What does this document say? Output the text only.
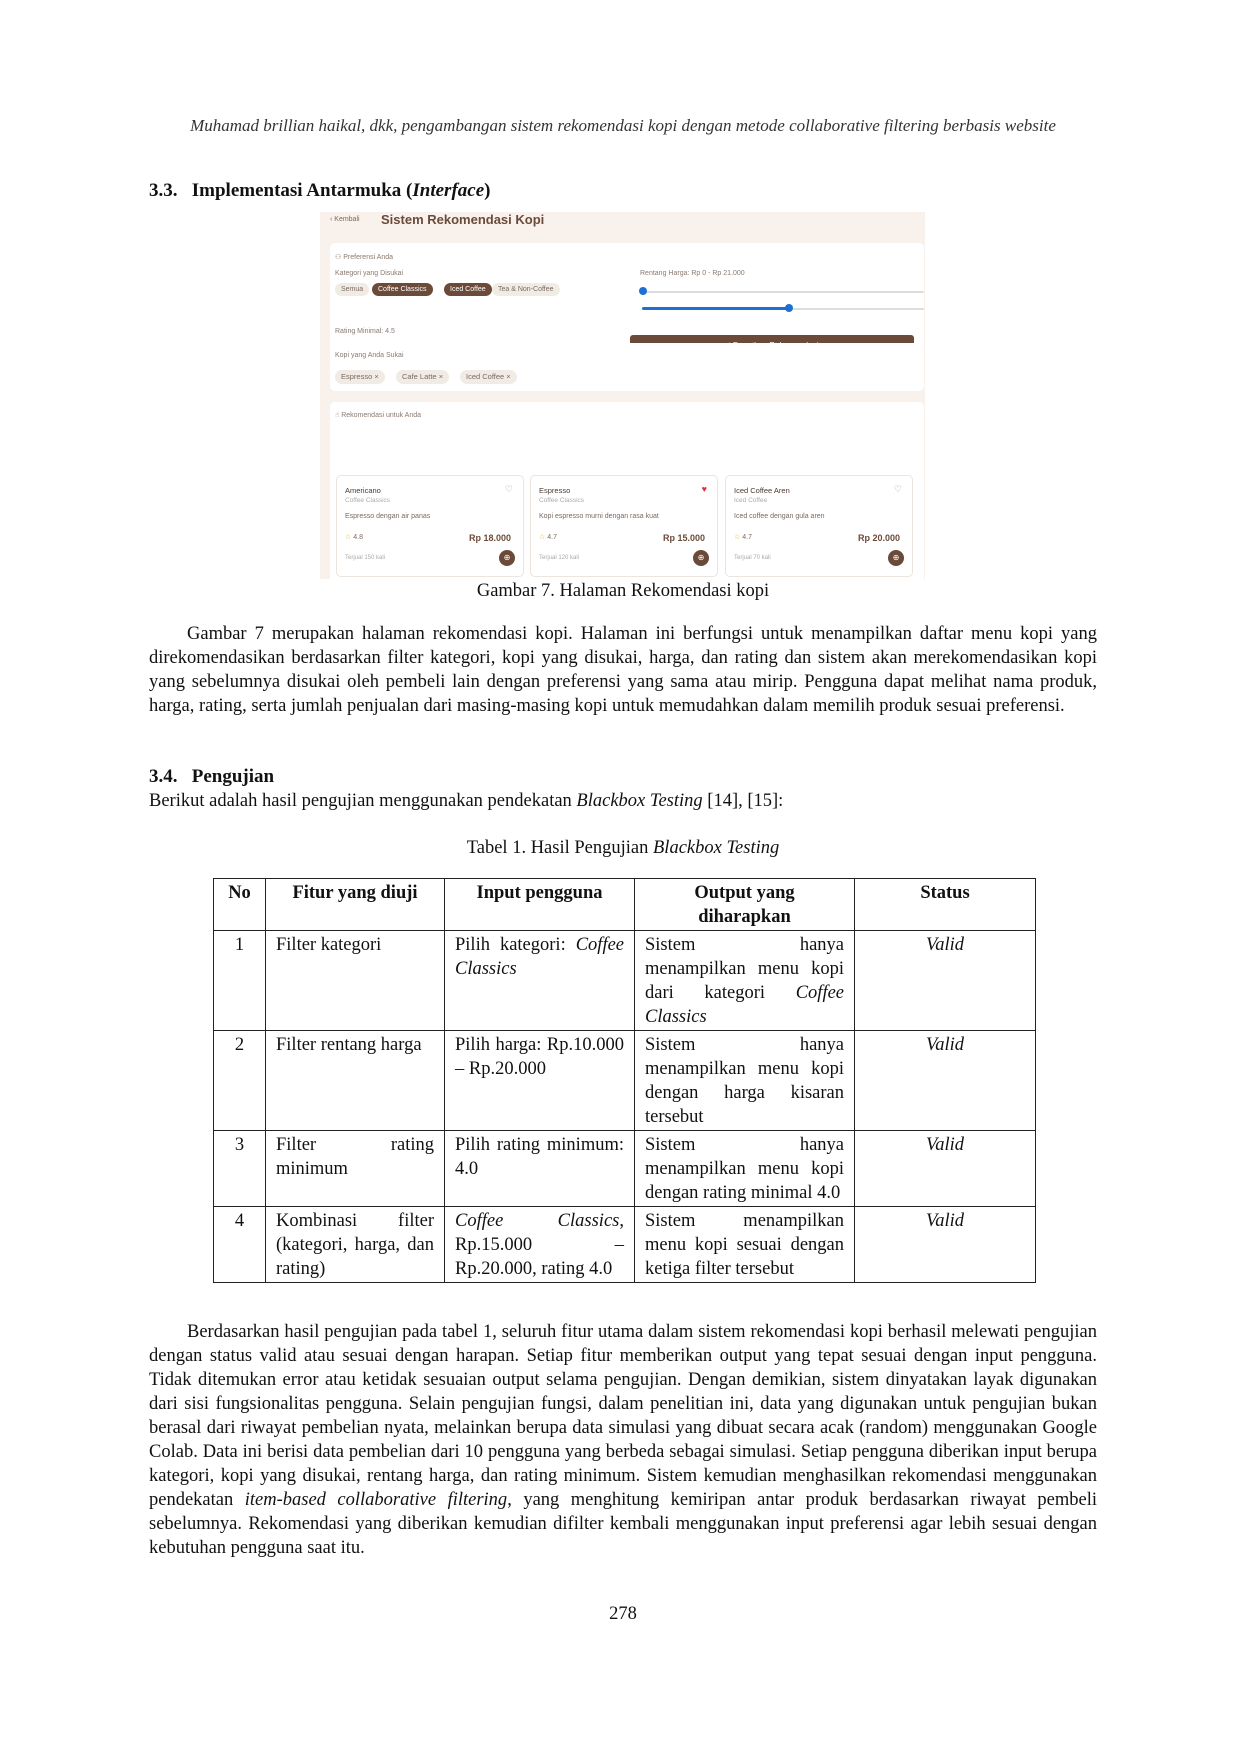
Muhamad brillian haikal, dkk, pengambangan sistem rekomendasi kopi dengan metode collaborative filtering berbasis website
3.3. Implementasi Antarmuka (Interface)
‹ Kembali Sistem Rekomendasi Kopi
⚇ Preferensi Anda
Kategori yang Disukai
Semua	Coffee Classics	Iced Coffee	Tea & Non-Coffee
Rentang Harga: Rp 0 - Rp 21.000
Rating Minimal: 4.5
Kopi yang Anda Sukai
Espresso ×	Cafe Latte ×	Iced Coffee ×
☝ Rekomendasi untuk Anda
Americano
Coffee Classics
♡
Espresso dengan air panas
☆ 4.8	Rp 18.000
Terjual 150 kali	⊕
Espresso
Coffee Classics
♥
Kopi espresso murni dengan rasa kuat
☆ 4.7	Rp 15.000
Terjual 120 kali	⊕
Iced Coffee Aren
Iced Coffee
♡
Iced coffee dengan gula aren
☆ 4.7	Rp 20.000
Terjual 70 kali	⊕
Gambar 7. Halaman Rekomendasi kopi
Gambar 7 merupakan halaman rekomendasi kopi. Halaman ini berfungsi untuk menampilkan daftar menu kopi yang direkomendasikan berdasarkan filter kategori, kopi yang disukai, harga, dan rating dan sistem akan merekomendasikan kopi yang sebelumnya disukai oleh pembeli lain dengan preferensi yang sama atau mirip. Pengguna dapat melihat nama produk, harga, rating, serta jumlah penjualan dari masing-masing kopi untuk memudahkan dalam memilih produk sesuai preferensi.
3.4. Pengujian
Berikut adalah hasil pengujian menggunakan pendekatan Blackbox Testing [14], [15]:
Tabel 1. Hasil Pengujian Blackbox Testing
No	Fitur yang diuji	Input pengguna	Output yang diharapkan	Status
1	Filter kategori	Pilih kategori: Coffee Classics	Sistem hanya menampilkan menu kopi dari kategori Coffee Classics	Valid
2	Filter rentang harga	Pilih harga: Rp.10.000 – Rp.20.000	Sistem hanya menampilkan menu kopi dengan harga kisaran tersebut	Valid
3	Filter rating minimum	Pilih rating minimum: 4.0	Sistem hanya menampilkan menu kopi dengan rating minimal 4.0	Valid
4	Kombinasi filter (kategori, harga, dan rating)	Coffee Classics, Rp.15.000 – Rp.20.000, rating 4.0	Sistem menampilkan menu kopi sesuai dengan ketiga filter tersebut	Valid
Berdasarkan hasil pengujian pada tabel 1, seluruh fitur utama dalam sistem rekomendasi kopi berhasil melewati pengujian dengan status valid atau sesuai dengan harapan. Setiap fitur memberikan output yang tepat sesuai dengan input pengguna. Tidak ditemukan error atau ketidak sesuaian output selama pengujian. Dengan demikian, sistem dinyatakan layak digunakan dari sisi fungsionalitas pengguna. Selain pengujian fungsi, dalam penelitian ini, data yang digunakan untuk pengujian bukan berasal dari riwayat pembelian nyata, melainkan berupa data simulasi yang dibuat secara acak (random) menggunakan Google Colab. Data ini berisi data pembelian dari 10 pengguna yang berbeda sebagai simulasi. Setiap pengguna diberikan input berupa kategori, kopi yang disukai, rentang harga, dan rating minimum. Sistem kemudian menghasilkan rekomendasi menggunakan pendekatan item-based collaborative filtering, yang menghitung kemiripan antar produk berdasarkan riwayat pembeli sebelumnya. Rekomendasi yang diberikan kemudian difilter kembali menggunakan input preferensi agar lebih sesuai dengan kebutuhan pengguna saat itu.
278
